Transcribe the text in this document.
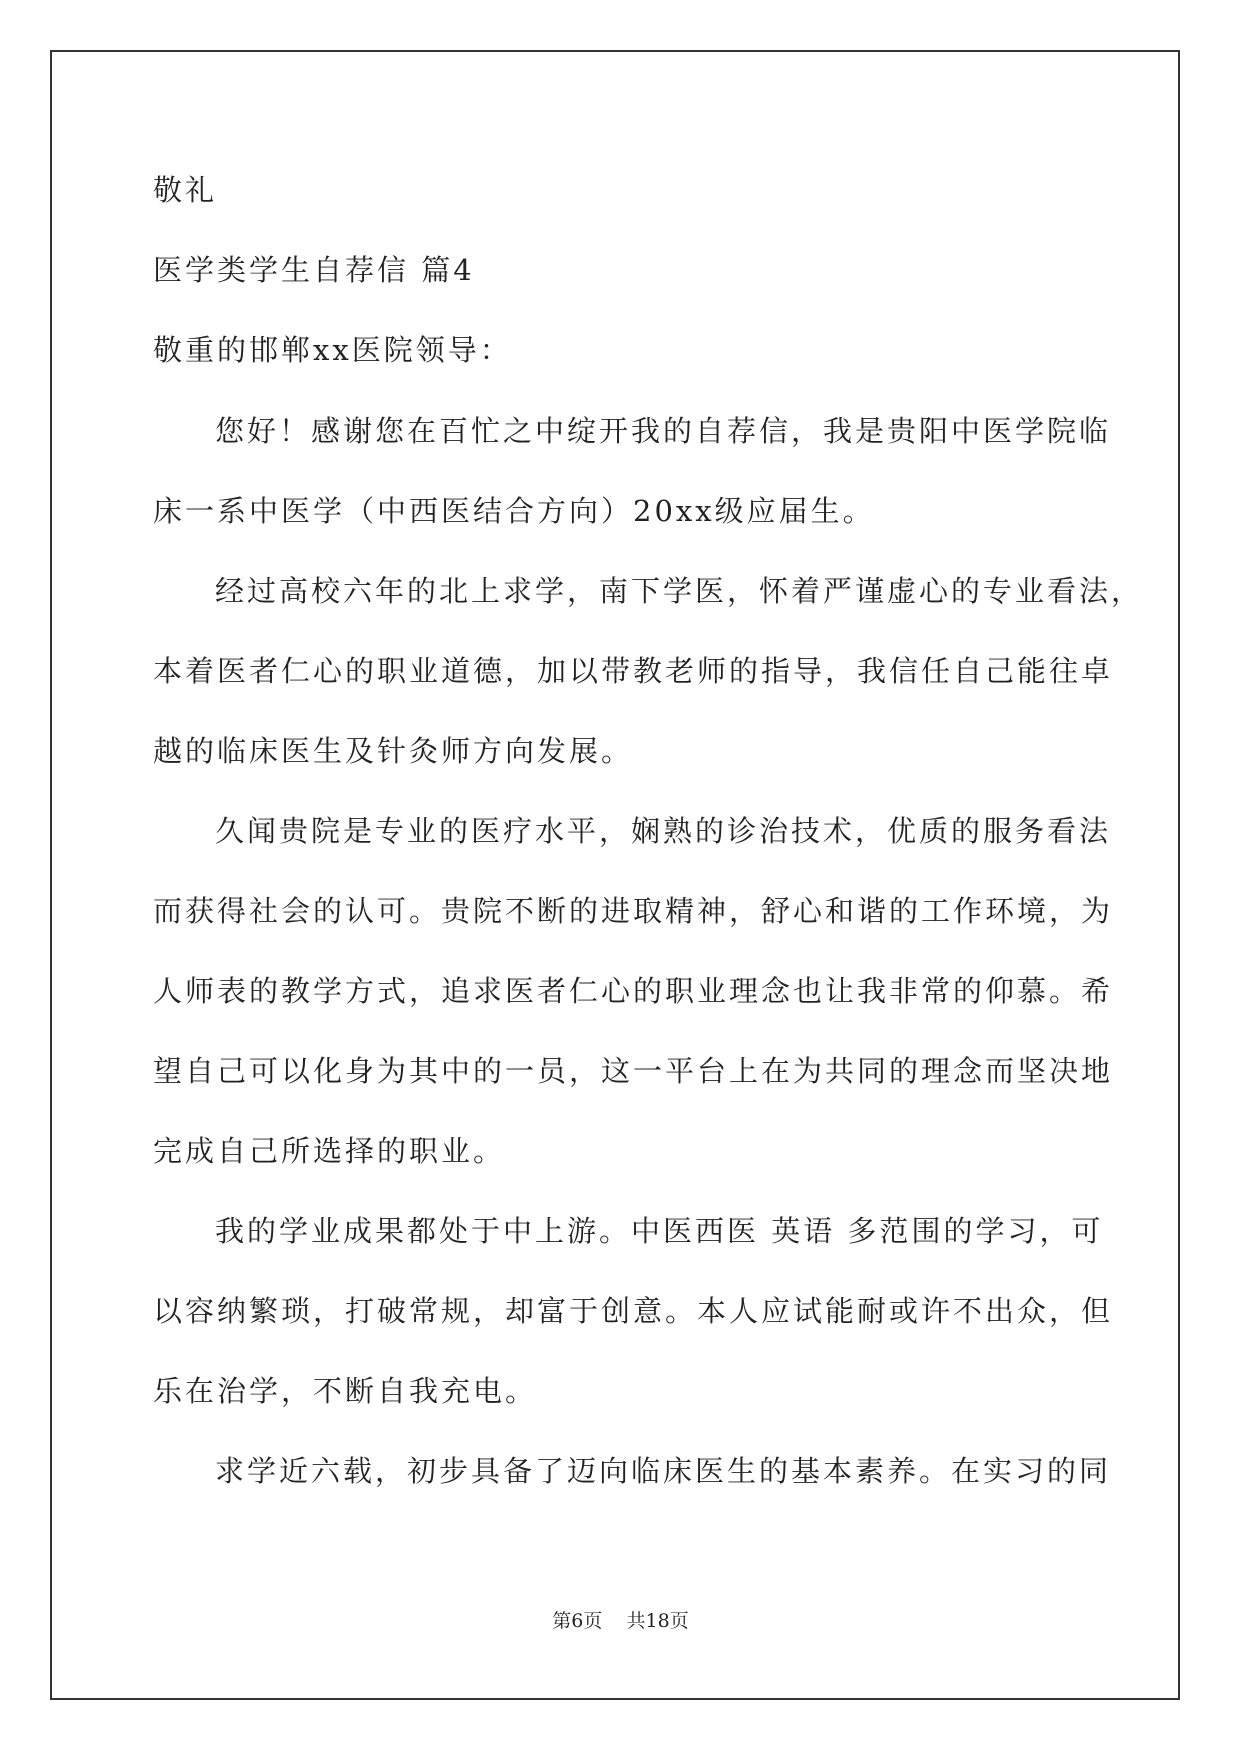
敬礼
医学类学生自荐信 篇4
敬重的邯郸xx医院领导：
您好！感谢您在百忙之中绽开我的自荐信，我是贵阳中医学院临
床一系中医学（中西医结合方向）20xx级应届生。
经过高校六年的北上求学，南下学医，怀着严谨虚心的专业看法，
本着医者仁心的职业道德，加以带教老师的指导，我信任自己能往卓
越的临床医生及针灸师方向发展。
久闻贵院是专业的医疗水平，娴熟的诊治技术，优质的服务看法
而获得社会的认可。贵院不断的进取精神，舒心和谐的工作环境，为
人师表的教学方式，追求医者仁心的职业理念也让我非常的仰慕。希
望自己可以化身为其中的一员，这一平台上在为共同的理念而坚决地
完成自己所选择的职业。
我的学业成果都处于中上游。中医西医 英语 多范围的学习，可
以容纳繁琐，打破常规，却富于创意。本人应试能耐或许不出众，但
乐在治学，不断自我充电。
求学近六载，初步具备了迈向临床医生的基本素养。在实习的同
第6页 共18页
